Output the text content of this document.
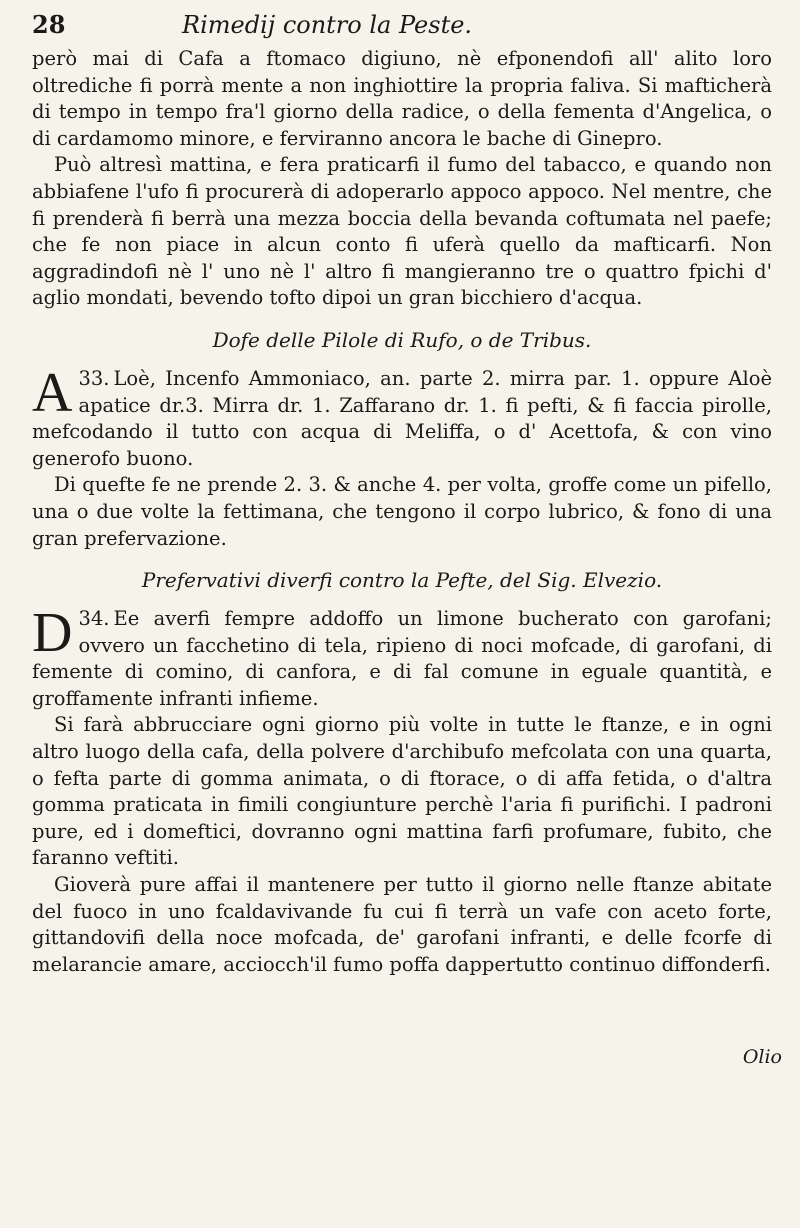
28	Rimedij contro la Peste.

però mai di Cafa a ftomaco digiuno, nè efponendofi all' alito loro oltrediche fi porrà mente a non inghiottire la propria faliva. Si mafticherà di tempo in tempo fra'l giorno della radice, o della fementa d'Angelica, o di cardamomo minore, e ferviranno ancora le bache di Ginepro.

Può altresì mattina, e fera praticarfi il fumo del tabacco, e quando non abbiafene l'ufo fi procurerà di adoperarlo appoco appoco. Nel mentre, che fi prenderà fi berrà una mezza boccia della bevanda coftumata nel paefe; che fe non piace in alcun conto fi uferà quello da mafticarfi. Non aggradindofi nè l' uno nè l' altro fi mangieranno tre o quattro fpichi d' aglio mondati, bevendo tofto dipoi un gran bicchiero d'acqua.

Dofe delle Pilole di Rufo, o de Tribus.

33.
A Loè, Incenfo Ammoniaco, an. parte 2. mirra par. 1. oppure Aloè apatice dr.3. Mirra dr. 1. Zaffarano dr. 1. fi pefti, & fi faccia pirolle, mefcodando il tutto con acqua di Meliffa, o d' Acettofa, & con vino generofo buono.

Di quefte fe ne prende 2. 3. & anche 4. per volta, groffe come un pifello, una o due volte la fettimana, che tengono il corpo lubrico, & fono di una gran prefervazione.

Prefervativi diverfi contro la Pefte, del Sig. Elvezio.

34.
D Ee averfi fempre addoffo un limone bucherato con garofani; ovvero un facchetino di tela, ripieno di noci mofcade, di garofani, di femente di comino, di canfora, e di fal comune in eguale quantità, e groffamente infranti infieme.

Si farà abbrucciare ogni giorno più volte in tutte le ftanze, e in ogni altro luogo della cafa, della polvere d'archibufo mefcolata con una quarta, o fefta parte di gomma animata, o di ftorace, o di affa fetida, o d'altra gomma praticata in fimili congiunture perchè l'aria fi purifichi. I padroni pure, ed i domeftici, dovranno ogni mattina farfi profumare, fubito, che faranno veftiti.

Gioverà pure affai il mantenere per tutto il giorno nelle ftanze abitate del fuoco in uno fcaldavivande fu cui fi terrà un vafe con aceto forte, gittandovifi della noce mofcada, de' garofani infranti, e delle fcorfe di melarancie amare, acciocch'il fumo poffa dappertutto continuo diffonderfi.

Olio
